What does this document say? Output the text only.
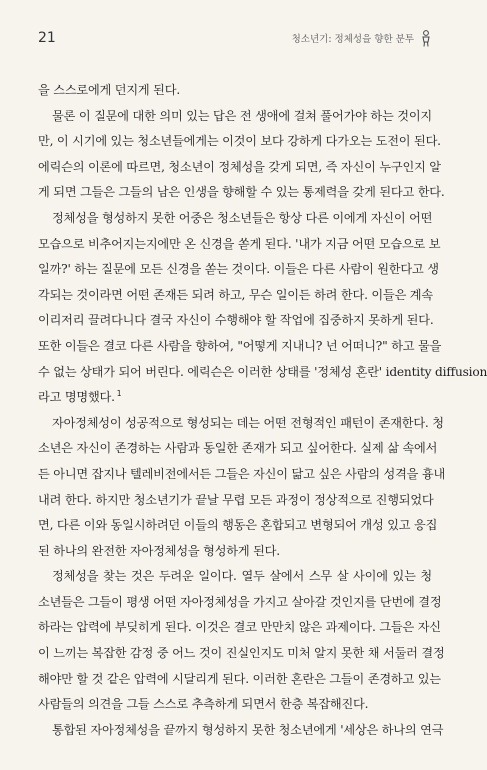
21	청소년기: 정체성을 향한 분투
을 스스로에게 던지게 된다.
물론 이 질문에 대한 의미 있는 답은 전 생애에 걸쳐 풀어가야 하는 것이지
만, 이 시기에 있는 청소년들에게는 이것이 보다 강하게 다가오는 도전이 된다.
에릭슨의 이론에 따르면, 청소년이 정체성을 갖게 되면, 즉 자신이 누구인지 알
게 되면 그들은 그들의 남은 인생을 향해할 수 있는 통제력을 갖게 된다고 한다.
정체성을 형성하지 못한 어중은 청소년들은 항상 다른 이에게 자신이 어떤
모습으로 비추어지는지에만 온 신경을 쏟게 된다. '내가 지금 어떤 모습으로 보
일까?' 하는 질문에 모든 신경을 쏟는 것이다. 이들은 다른 사람이 원한다고 생
각되는 것이라면 어떤 존재든 되려 하고, 무슨 일이든 하려 한다. 이들은 계속
이리저리 끌려다니다 결국 자신이 수행해야 할 작업에 집중하지 못하게 된다.
또한 이들은 결코 다른 사람을 향하여, "어떻게 지내니? 넌 어떠니?" 하고 물을
수 없는 상태가 되어 버린다. 에릭슨은 이러한 상태를 '정체성 혼란' identity diffusion
라고 명명했다. $^1$
자아정체성이 성공적으로 형성되는 데는 어떤 전형적인 패턴이 존재한다. 청
소년은 자신이 존경하는 사람과 동일한 존재가 되고 싶어한다. 실제 삶 속에서
든 아니면 잡지나 텔레비전에서든 그들은 자신이 닮고 싶은 사람의 성격을 흉내
내려 한다. 하지만 청소년기가 끝날 무렵 모든 과정이 정상적으로 진행되었다
면, 다른 이와 동일시하려던 이들의 행동은 혼합되고 변형되어 개성 있고 응집
된 하나의 완전한 자아정체성을 형성하게 된다.
정체성을 찾는 것은 두려운 일이다. 열두 살에서 스무 살 사이에 있는 청
소년들은 그들이 평생 어떤 자아정체성을 가지고 살아갈 것인지를 단번에 결정
하라는 압력에 부딪히게 된다. 이것은 결코 만만치 않은 과제이다. 그들은 자신
이 느끼는 복잡한 감정 중 어느 것이 진실인지도 미처 알지 못한 채 서둘러 결정
해야만 할 것 같은 압력에 시달리게 된다. 이러한 혼란은 그들이 존경하고 있는
사람들의 의견을 그들 스스로 추측하게 되면서 한층 복잡해진다.
통합된 자아정체성을 끝까지 형성하지 못한 청소년에게 '세상은 하나의 연극
